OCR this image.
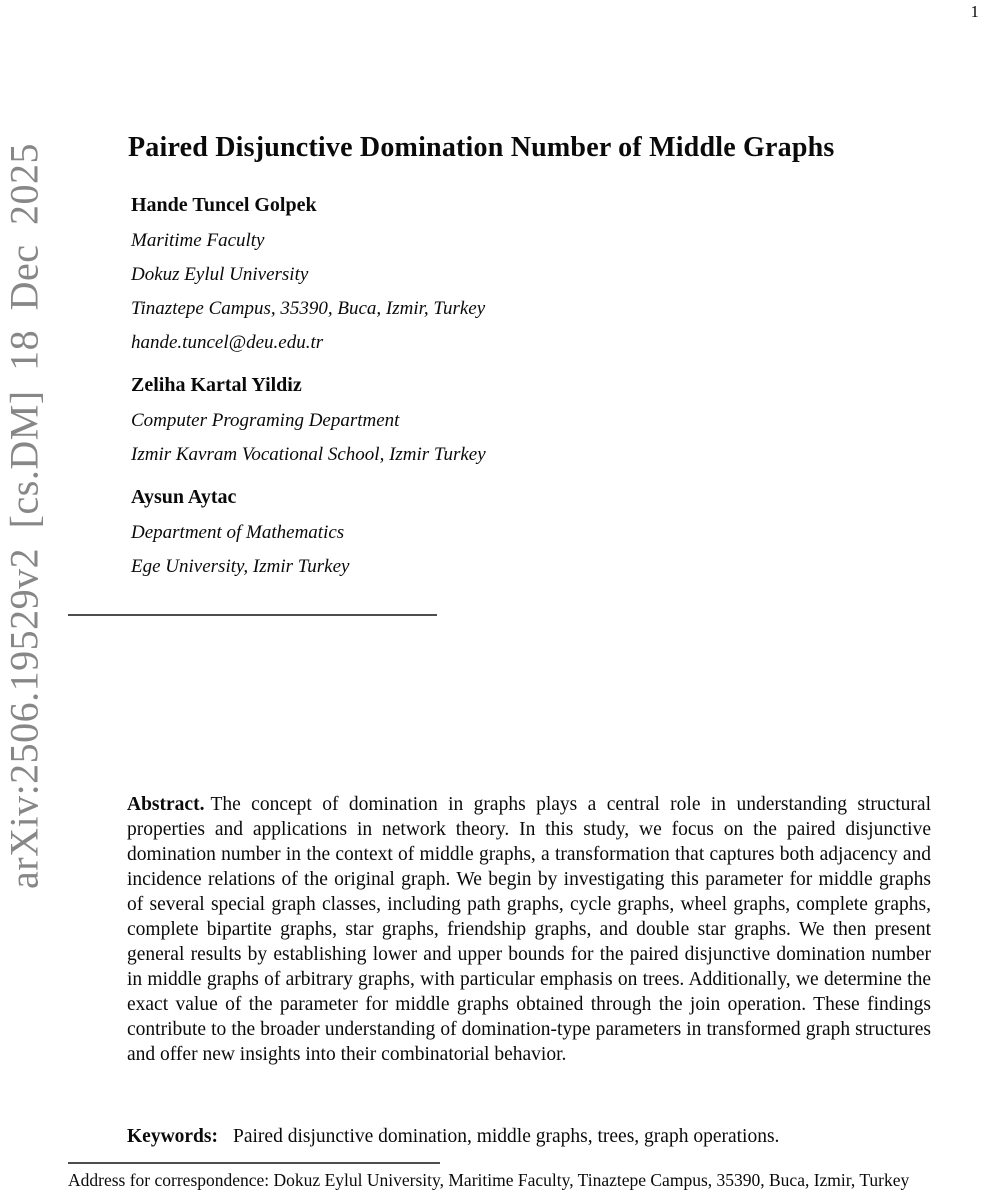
1
arXiv:2506.19529v2 [cs.DM] 18 Dec 2025	Paired Disjunctive Domination Number of Middle Graphs
Hande Tuncel Golpek
Maritime Faculty
Dokuz Eylul University
Tinaztepe Campus, 35390, Buca, Izmir, Turkey
hande.tuncel@deu.edu.tr
Zeliha Kartal Yildiz
Computer Programing Department
Izmir Kavram Vocational School, Izmir Turkey
Aysun Aytac
Department of Mathematics
Ege University, Izmir Turkey

Abstract. The concept of domination in graphs plays a central role in understanding structural properties and applications in network theory. In this study, we focus on the paired disjunctive domination number in the context of middle graphs, a transformation that captures both adjacency and incidence relations of the original graph. We begin by investigating this parameter for middle graphs of several special graph classes, including path graphs, cycle graphs, wheel graphs, complete graphs, complete bipartite graphs, star graphs, friendship graphs, and double star graphs. We then present general results by establishing lower and upper bounds for the paired disjunctive domination number in middle graphs of arbitrary graphs, with particular emphasis on trees. Additionally, we determine the exact value of the parameter for middle graphs obtained through the join operation. These findings contribute to the broader understanding of domination-type parameters in transformed graph structures and offer new insights into their combinatorial behavior.

Keywords: Paired disjunctive domination, middle graphs, trees, graph operations.

Address for correspondence: Dokuz Eylul University, Maritime Faculty, Tinaztepe Campus, 35390, Buca, Izmir, Turkey
